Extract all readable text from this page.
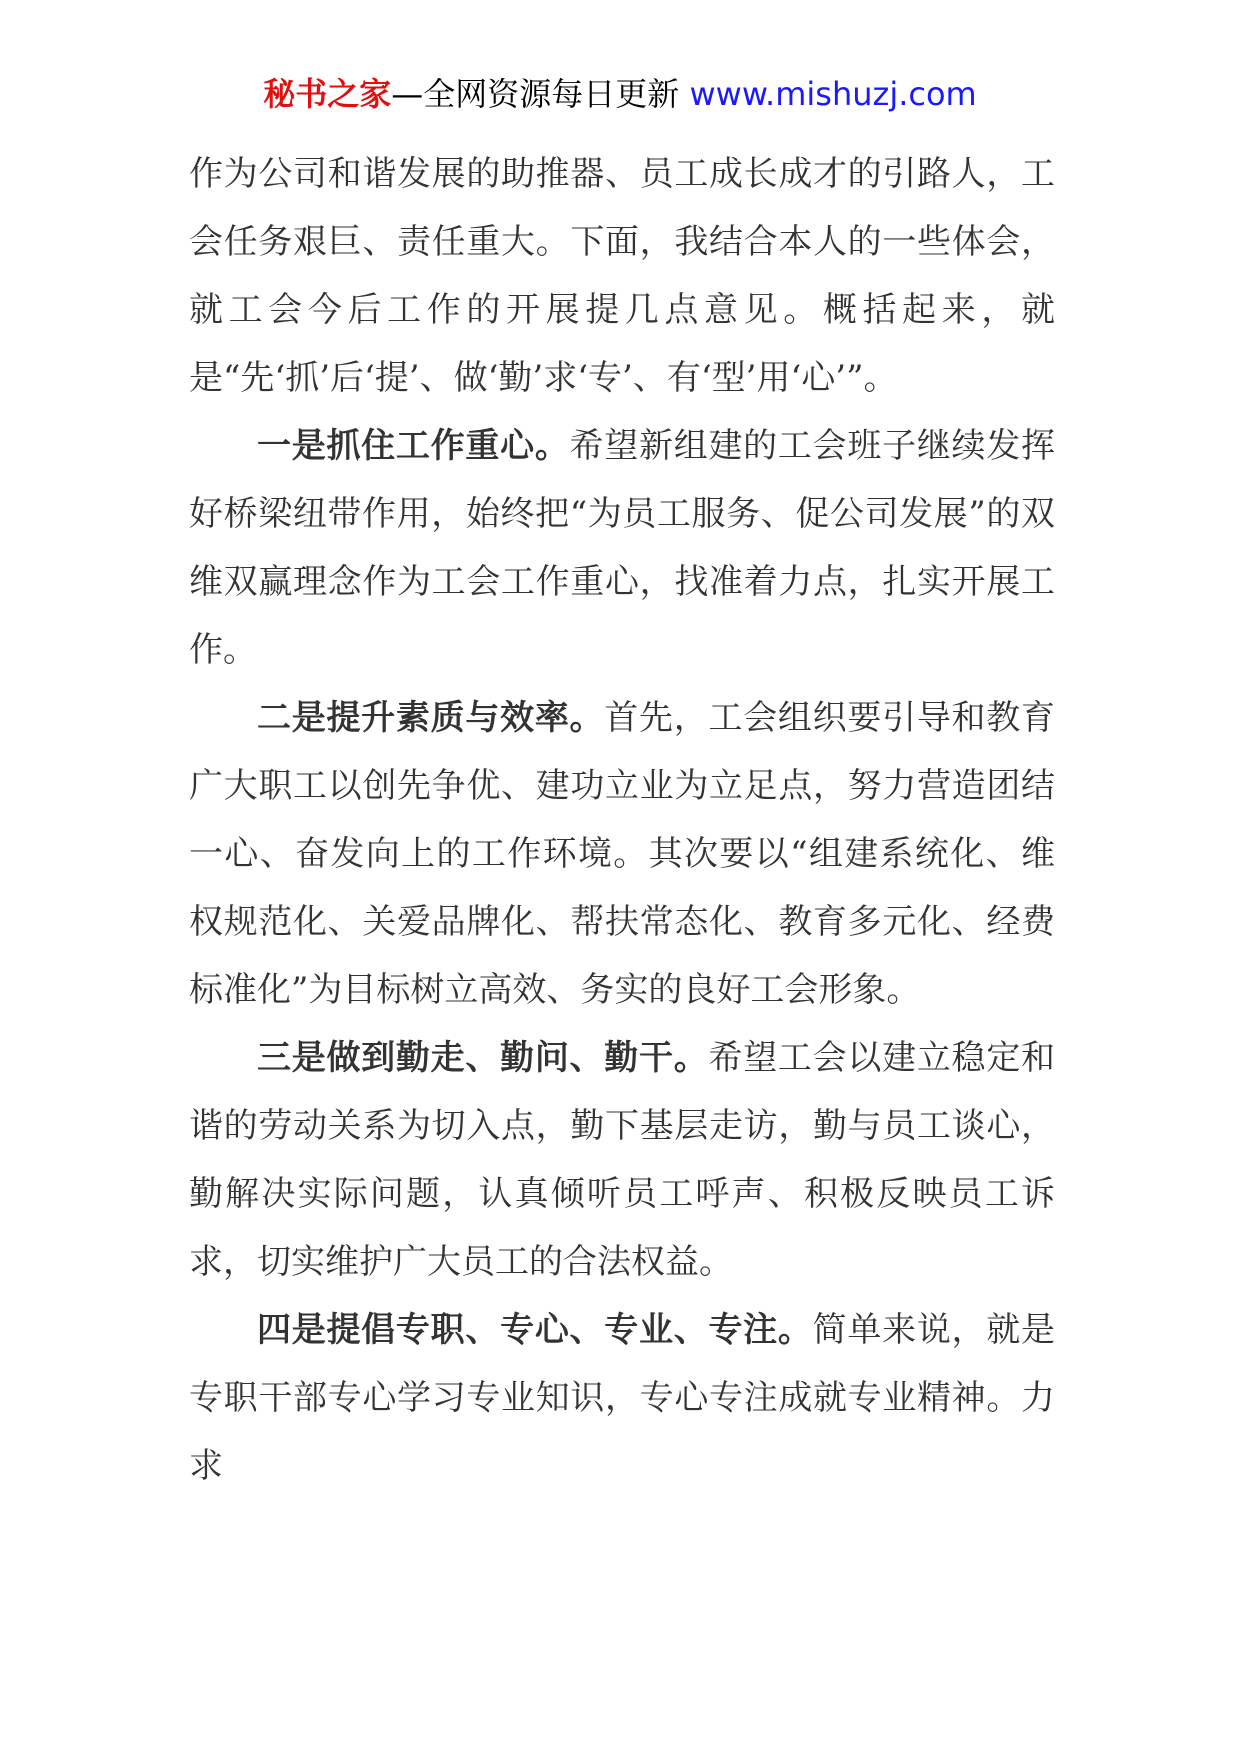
秘书之家—全网资源每日更新 www.mishuzj.com

作为公司和谐发展的助推器、员工成长成才的引路人，工会任务艰巨、责任重大。下面，我结合本人的一些体会，就工会今后工作的开展提几点意见。概括起来，就是“先‘抓’后‘提’、做‘勤’求‘专’、有‘型’用‘心’”。

一是抓住工作重心。希望新组建的工会班子继续发挥好桥梁纽带作用，始终把“为员工服务、促公司发展”的双维双赢理念作为工会工作重心，找准着力点，扎实开展工作。

二是提升素质与效率。首先，工会组织要引导和教育广大职工以创先争优、建功立业为立足点，努力营造团结一心、奋发向上的工作环境。其次要以“组建系统化、维权规范化、关爱品牌化、帮扶常态化、教育多元化、经费标准化”为目标树立高效、务实的良好工会形象。

三是做到勤走、勤问、勤干。希望工会以建立稳定和谐的劳动关系为切入点，勤下基层走访，勤与员工谈心，勤解决实际问题，认真倾听员工呼声、积极反映员工诉求，切实维护广大员工的合法权益。

四是提倡专职、专心、专业、专注。简单来说，就是专职干部专心学习专业知识，专心专注成就专业精神。力求
